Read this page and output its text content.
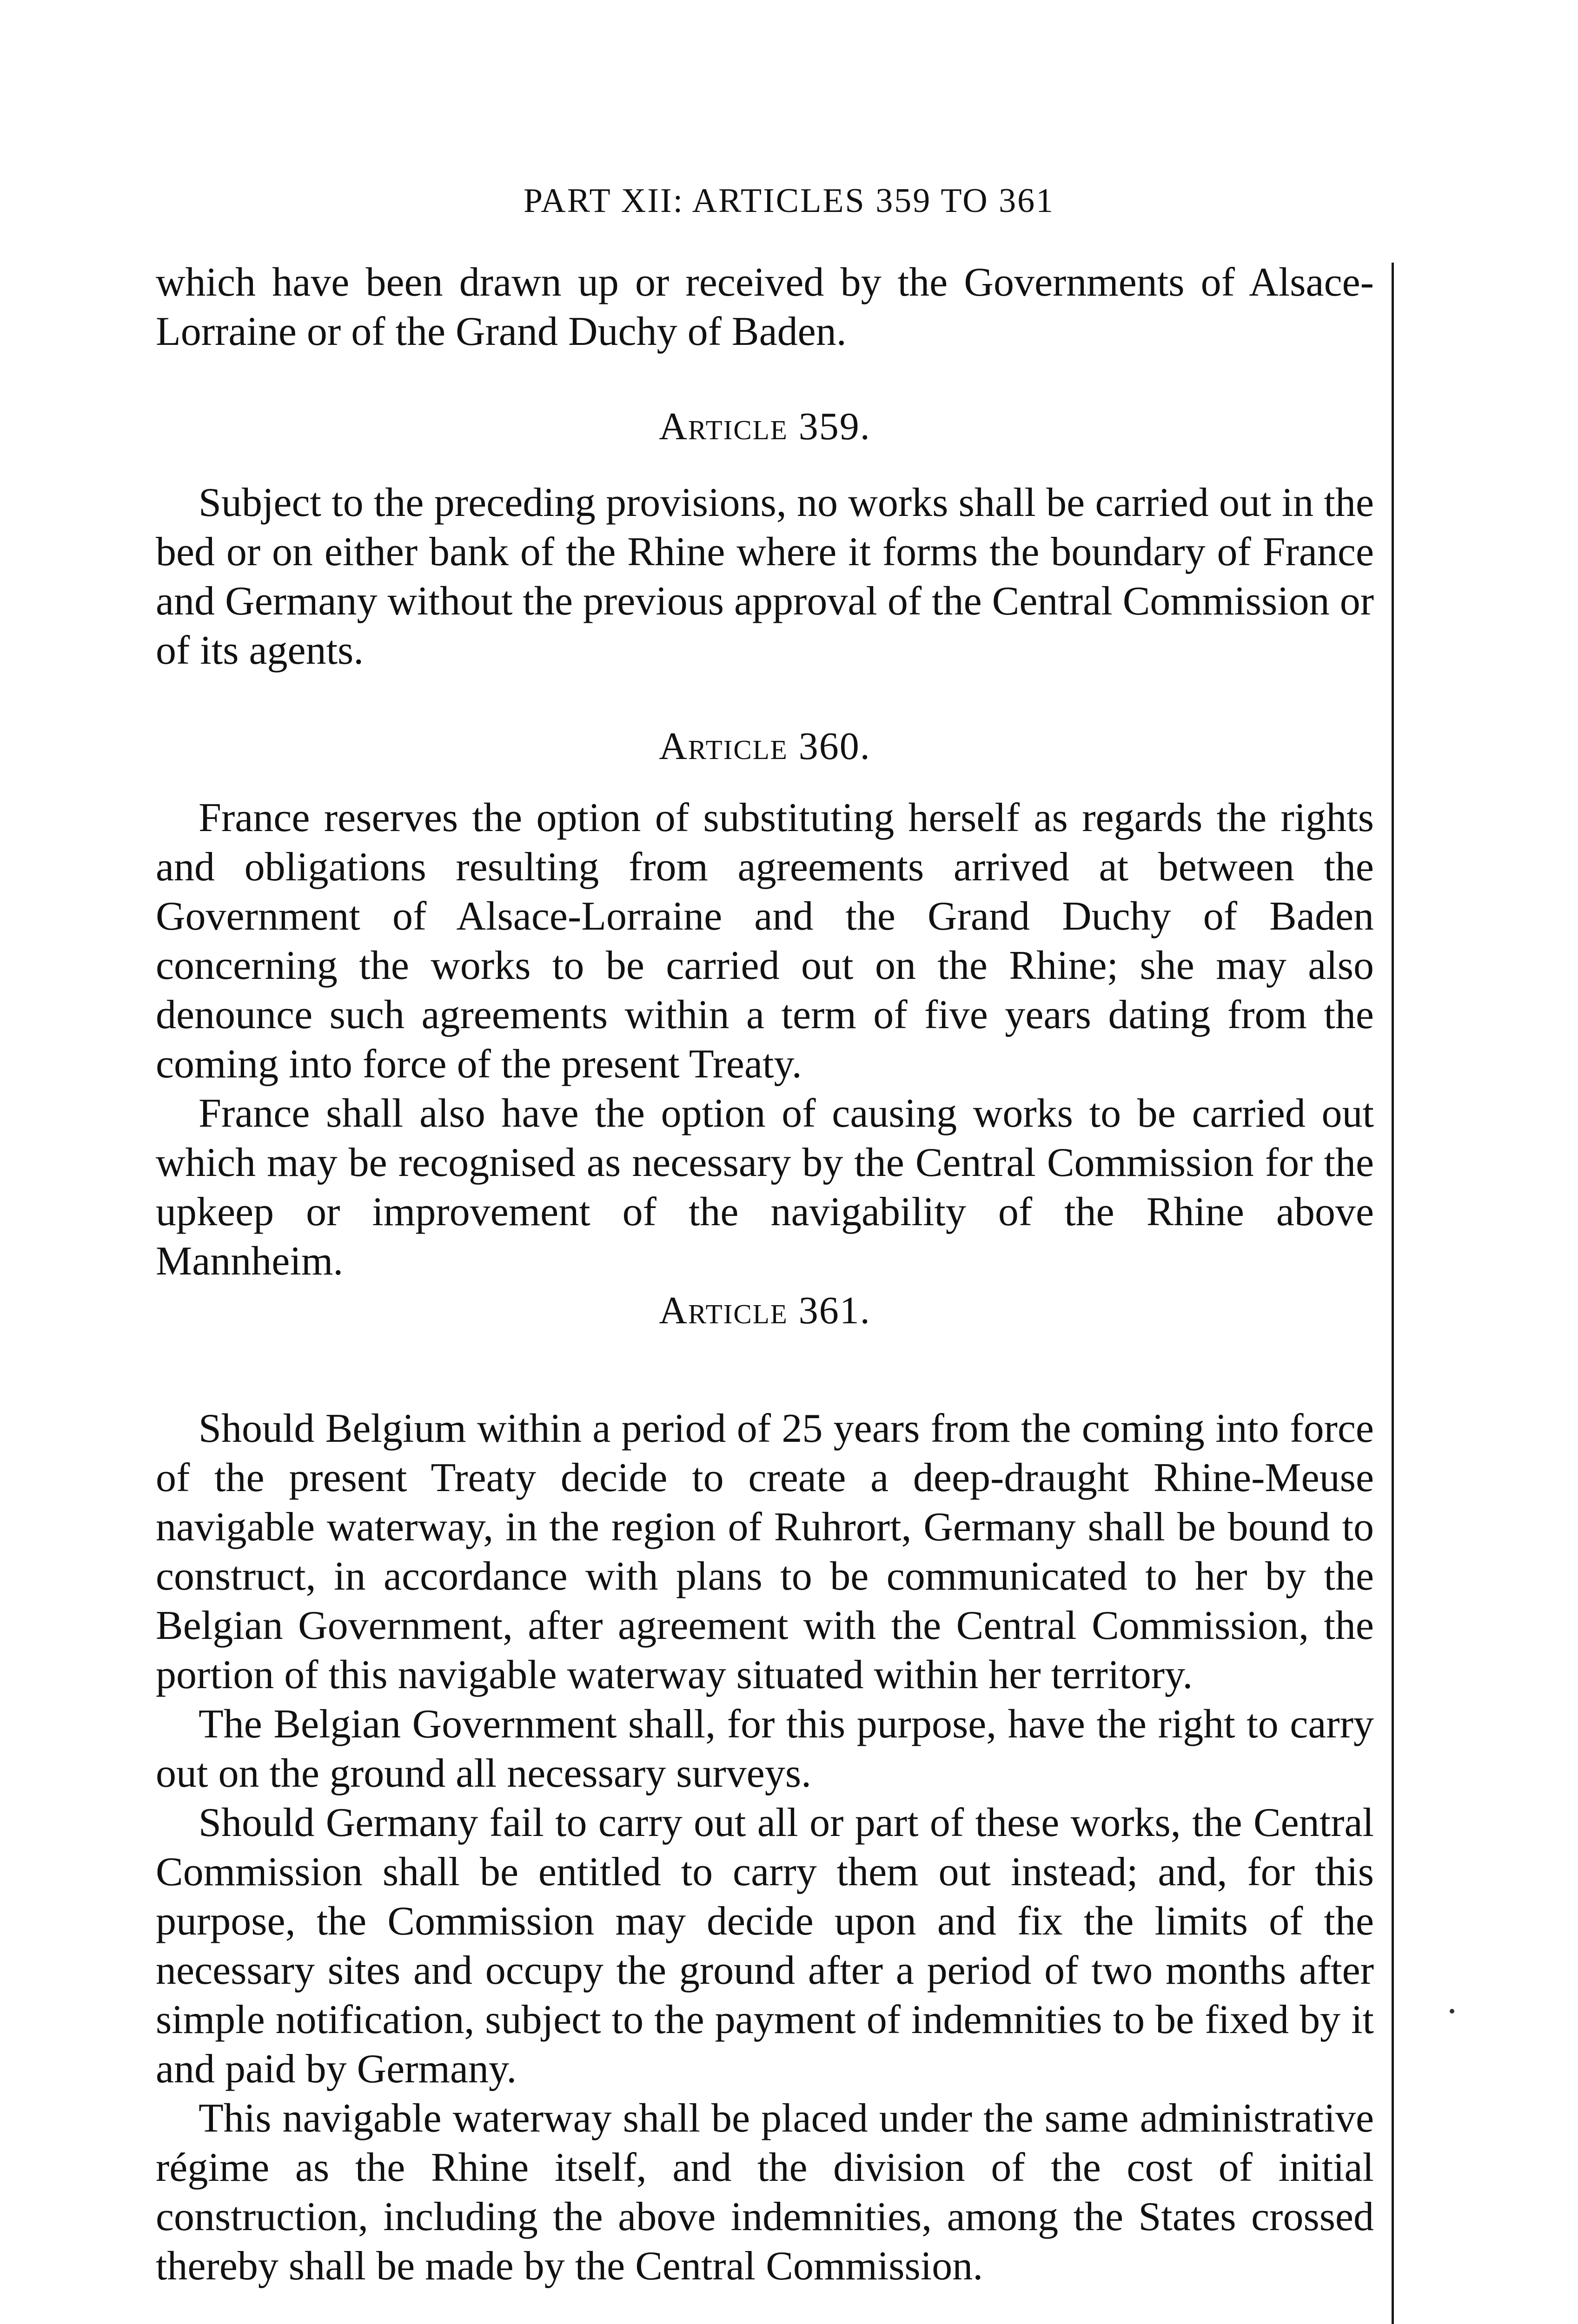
PART XII: ARTICLES 359 TO 361

which have been drawn up or received by the Governments of Alsace-Lorraine or of the Grand Duchy of Baden.

Article 359.

Subject to the preceding provisions, no works shall be carried out in the bed or on either bank of the Rhine where it forms the boundary of France and Germany without the previous approval of the Central Commission or of its agents.

Article 360.

France reserves the option of substituting herself as regards the rights and obligations resulting from agreements arrived at between the Government of Alsace-Lorraine and the Grand Duchy of Baden concerning the works to be carried out on the Rhine; she may also denounce such agreements within a term of five years dating from the coming into force of the present Treaty.

France shall also have the option of causing works to be carried out which may be recognised as necessary by the Central Commission for the upkeep or improvement of the navigability of the Rhine above Mannheim.

Article 361.

Should Belgium within a period of 25 years from the coming into force of the present Treaty decide to create a deep-draught Rhine-Meuse navigable waterway, in the region of Ruhrort, Germany shall be bound to construct, in accordance with plans to be communicated to her by the Belgian Government, after agreement with the Central Commission, the portion of this navigable waterway situated within her territory.

The Belgian Government shall, for this purpose, have the right to carry out on the ground all necessary surveys.

Should Germany fail to carry out all or part of these works, the Central Commission shall be entitled to carry them out instead; and, for this purpose, the Commission may decide upon and fix the limits of the necessary sites and occupy the ground after a period of two months after simple notification, subject to the payment of indemnities to be fixed by it and paid by Germany.

This navigable waterway shall be placed under the same administrative régime as the Rhine itself, and the division of the cost of initial construction, including the above indemnities, among the States crossed thereby shall be made by the Central Commission.
